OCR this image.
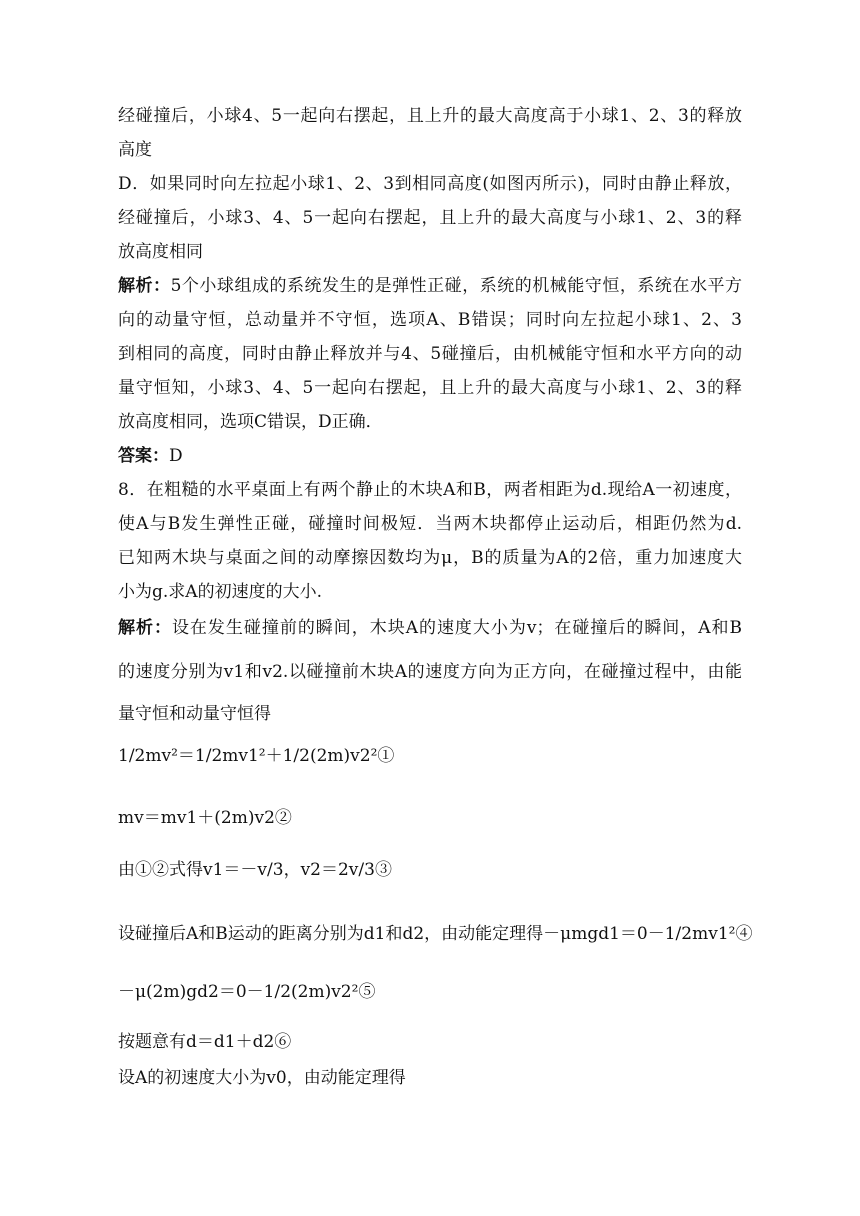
经碰撞后，小球4、5一起向右摆起，且上升的最大高度高于小球1、2、3的释放
高度
D．如果同时向左拉起小球1、2、3到相同高度(如图丙所示)，同时由静止释放，
经碰撞后，小球3、4、5一起向右摆起，且上升的最大高度与小球1、2、3的释
放高度相同
解析：5个小球组成的系统发生的是弹性正碰，系统的机械能守恒，系统在水平方
向的动量守恒，总动量并不守恒，选项A、B错误；同时向左拉起小球1、2、3
到相同的高度，同时由静止释放并与4、5碰撞后，由机械能守恒和水平方向的动
量守恒知，小球3、4、5一起向右摆起，且上升的最大高度与小球1、2、3的释
放高度相同，选项C错误，D正确．
答案：D
8．在粗糙的水平桌面上有两个静止的木块A和B，两者相距为d.现给A一初速度，
使A与B发生弹性正碰，碰撞时间极短．当两木块都停止运动后，相距仍然为d.
已知两木块与桌面之间的动摩擦因数均为μ，B的质量为A的2倍，重力加速度大
小为g.求A的初速度的大小.
解析：设在发生碰撞前的瞬间，木块A的速度大小为v；在碰撞后的瞬间，A和B
的速度分别为v1和v2.以碰撞前木块A的速度方向为正方向，在碰撞过程中，由能
量守恒和动量守恒得
1/2mv²＝1/2mv1²＋1/2(2m)v2²①
mv＝mv1＋(2m)v2②
由①②式得v1＝－v/3，v2＝2v/3③
设碰撞后A和B运动的距离分别为d1和d2，由动能定理得－μmgd1＝0－1/2mv1²④
－μ(2m)gd2＝0－1/2(2m)v2²⑤
按题意有d＝d1＋d2⑥
设A的初速度大小为v0，由动能定理得
